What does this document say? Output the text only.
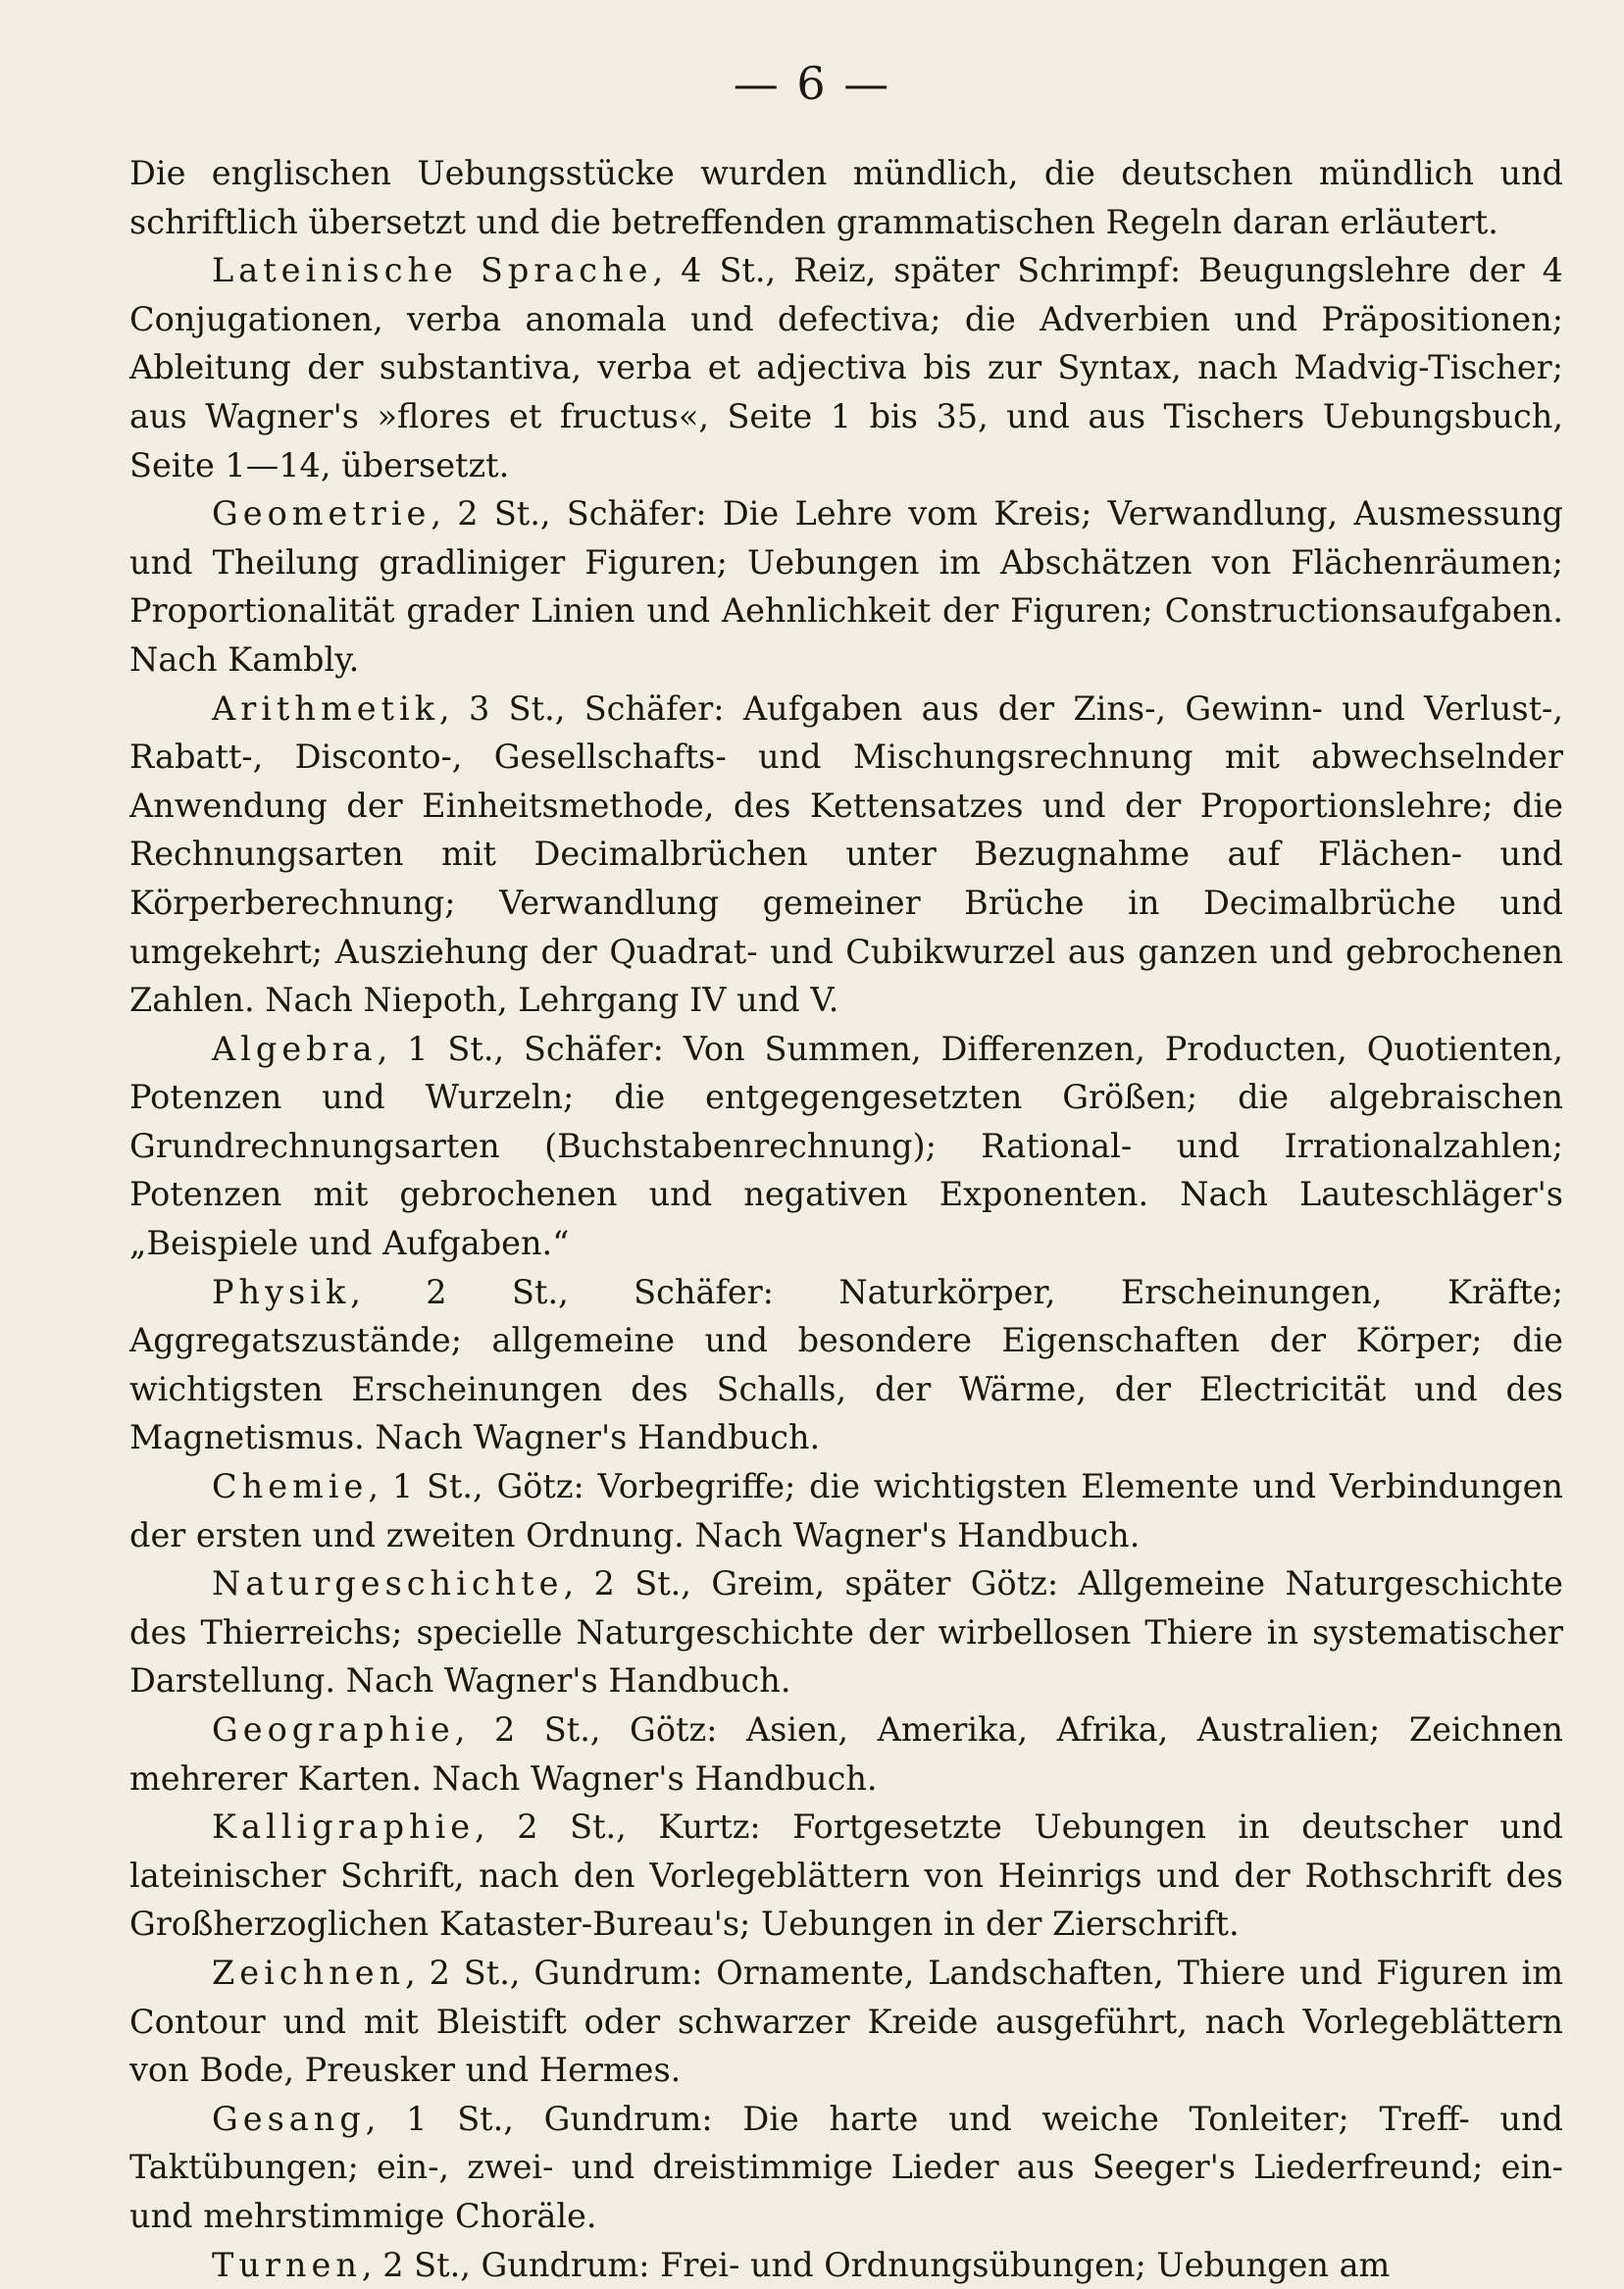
— 6 —

Die englischen Uebungsstücke wurden mündlich, die deutschen mündlich und schriftlich übersetzt und die betreffenden grammatischen Regeln daran erläutert.

Lateinische Sprache, 4 St., Reiz, später Schrimpf: Beugungslehre der 4 Conjugationen, verba anomala und defectiva; die Adverbien und Präpositionen; Ableitung der substantiva, verba et adjectiva bis zur Syntax, nach Madvig-Tischer; aus Wagner's »flores et fructus«, Seite 1 bis 35, und aus Tischers Uebungsbuch, Seite 1—14, übersetzt.

Geometrie, 2 St., Schäfer: Die Lehre vom Kreis; Verwandlung, Ausmessung und Theilung gradliniger Figuren; Uebungen im Abschätzen von Flächenräumen; Proportionalität grader Linien und Aehnlichkeit der Figuren; Constructionsaufgaben. Nach Kambly.

Arithmetik, 3 St., Schäfer: Aufgaben aus der Zins-, Gewinn- und Verlust-, Rabatt-, Disconto-, Gesellschafts- und Mischungsrechnung mit abwechselnder Anwendung der Einheitsmethode, des Kettensatzes und der Proportionslehre; die Rechnungsarten mit Decimalbrüchen unter Bezugnahme auf Flächen- und Körperberechnung; Verwandlung gemeiner Brüche in Decimalbrüche und umgekehrt; Ausziehung der Quadrat- und Cubikwurzel aus ganzen und gebrochenen Zahlen. Nach Niepoth, Lehrgang IV und V.

Algebra, 1 St., Schäfer: Von Summen, Differenzen, Producten, Quotienten, Potenzen und Wurzeln; die entgegengesetzten Größen; die algebraischen Grundrechnungsarten (Buchstabenrechnung); Rational- und Irrationalzahlen; Potenzen mit gebrochenen und negativen Exponenten. Nach Lauteschläger's „Beispiele und Aufgaben.“

Physik, 2 St., Schäfer: Naturkörper, Erscheinungen, Kräfte; Aggregatszustände; allgemeine und besondere Eigenschaften der Körper; die wichtigsten Erscheinungen des Schalls, der Wärme, der Electricität und des Magnetismus. Nach Wagner's Handbuch.

Chemie, 1 St., Götz: Vorbegriffe; die wichtigsten Elemente und Verbindungen der ersten und zweiten Ordnung. Nach Wagner's Handbuch.

Naturgeschichte, 2 St., Greim, später Götz: Allgemeine Naturgeschichte des Thierreichs; specielle Naturgeschichte der wirbellosen Thiere in systematischer Darstellung. Nach Wagner's Handbuch.

Geographie, 2 St., Götz: Asien, Amerika, Afrika, Australien; Zeichnen mehrerer Karten. Nach Wagner's Handbuch.

Kalligraphie, 2 St., Kurtz: Fortgesetzte Uebungen in deutscher und lateinischer Schrift, nach den Vorlegeblättern von Heinrigs und der Rothschrift des Großherzoglichen Kataster-Bureau's; Uebungen in der Zierschrift.

Zeichnen, 2 St., Gundrum: Ornamente, Landschaften, Thiere und Figuren im Contour und mit Bleistift oder schwarzer Kreide ausgeführt, nach Vorlegeblättern von Bode, Preusker und Hermes.

Gesang, 1 St., Gundrum: Die harte und weiche Tonleiter; Treff- und Taktübungen; ein-, zwei- und dreistimmige Lieder aus Seeger's Liederfreund; ein- und mehrstimmige Choräle.

Turnen, 2 St., Gundrum: Frei- und Ordnungsübungen; Uebungen am
